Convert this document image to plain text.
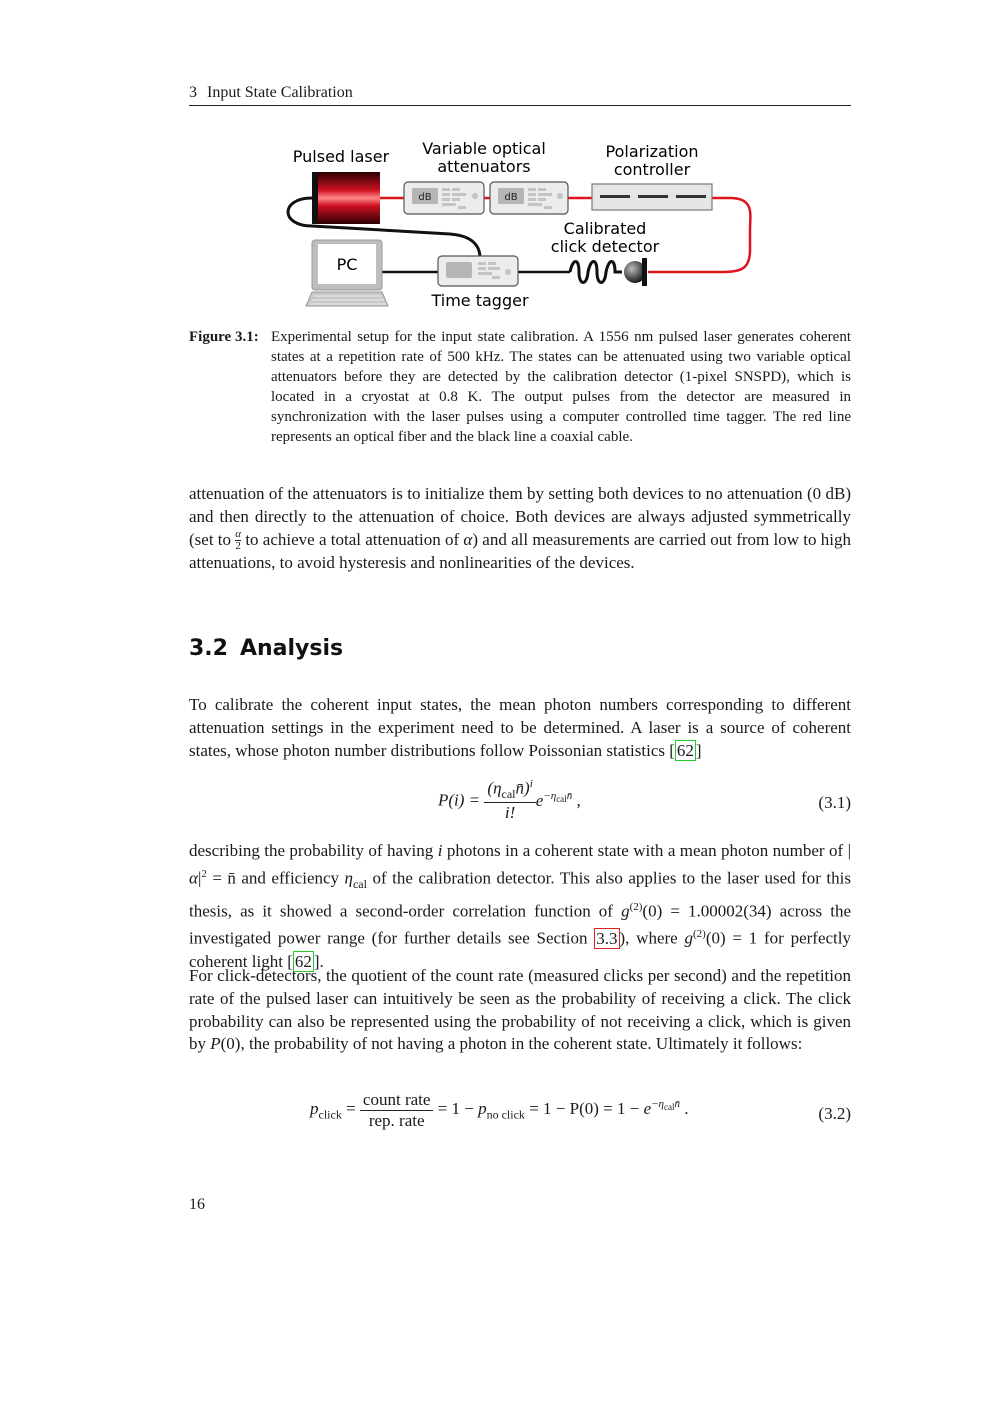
3 Input State Calibration
Pulsed laser Variable optical
attenuators
Polarization
controller
Calibrated
click detector
Time tagger
dB	dB
PC
Figure 3.1: Experimental setup for the input state calibration. A 1556 nm pulsed laser generates coherent states at a repetition rate of 500 kHz. The states can be attenuated using two variable optical attenuators before they are detected by the calibration detector (1-pixel SNSPD), which is located in a cryostat at 0.8 K. The output pulses from the detector are measured in synchronization with the laser pulses using a computer controlled time tagger. The red line represents an optical fiber and the black line a coaxial cable.
attenuation of the attenuators is to initialize them by setting both devices to no attenuation (0 dB) and then directly to the attenuation of choice. Both devices are always adjusted symmetrically (set to $\frac{\alpha}{2}$ to achieve a total attenuation of α) and all measurements are carried out from low to high attenuations, to avoid hysteresis and nonlinearities of the devices.
3.2 Analysis
To calibrate the coherent input states, the mean photon numbers corresponding to different attenuation settings in the experiment need to be determined. A laser is a source of coherent states, whose photon number distributions follow Poissonian statistics [ 62 ]
$P(i) = \frac{(\eta_{cal}n̄)^i}{i!} e^{-\eta_{cal}n̄}$ ,	(3.1)
describing the probability of having i photons in a coherent state with a mean photon number of $|\alpha|^2$ = n̄ and efficiency $\eta_{cal}$ of the calibration detector. This also applies to the laser used for this thesis, as it showed a second-order correlation function of $g^{(2)}(0) = 1.00002(34)$ across the investigated power range (for further details see Section 3.3 ), where $g^{(2)}(0) = 1$ for perfectly coherent light [ 62 ].
For click-detectors, the quotient of the count rate (measured clicks per second) and the repetition rate of the pulsed laser can intuitively be seen as the probability of receiving a click. The click probability can also be represented using the probability of not receiving a click, which is given by P(0), the probability of not having a photon in the coherent state. Ultimately it follows:
$p_{click} = \frac{\text{count rate}}{\text{rep. rate}} = 1 - p_{no click} = 1 - P(0) = 1 - e^{-\eta_{cal}n̄}$ .	(3.2)
16
